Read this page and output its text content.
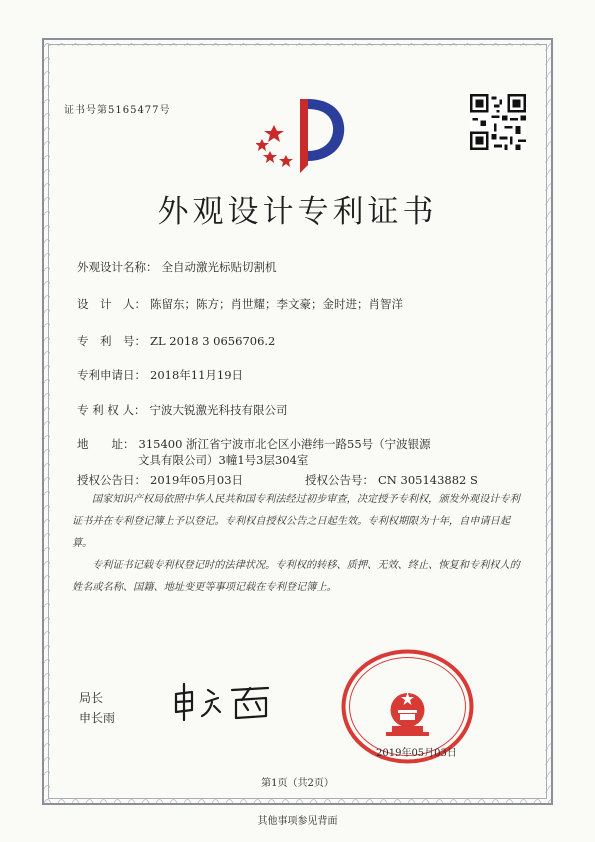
证书号第5165477号
外观设计专利证书
外观设计名称： 全自动激光标贴切割机
设　计　人： 陈留东；陈方；肖世耀；李文豪；金时进；肖智洋
专　利　号： ZL 2018 3 0656706.2
专利申请日： 2018年11月19日
专 利 权 人： 宁波大锐激光科技有限公司
地　　址： 315400 浙江省宁波市北仑区小港纬一路55号（宁波银源
文具有限公司）3幢1号3层304室
授权公告日： 2019年05月03日	授权公告号： CN 305143882 S

国家知识产权局依照中华人民共和国专利法经过初步审查，决定授予专利权，颁发外观设计专利证书并在专利登记簿上予以登记。专利权自授权公告之日起生效。专利权期限为十年，自申请日起算。

专利证书记载专利权登记时的法律状况。专利权的转移、质押、无效、终止、恢复和专利权人的姓名或名称、国籍、地址变更等事项记载在专利登记簿上。

局长
申长雨
2019年05月03日
第1页（共2页）
其他事项参见背面
